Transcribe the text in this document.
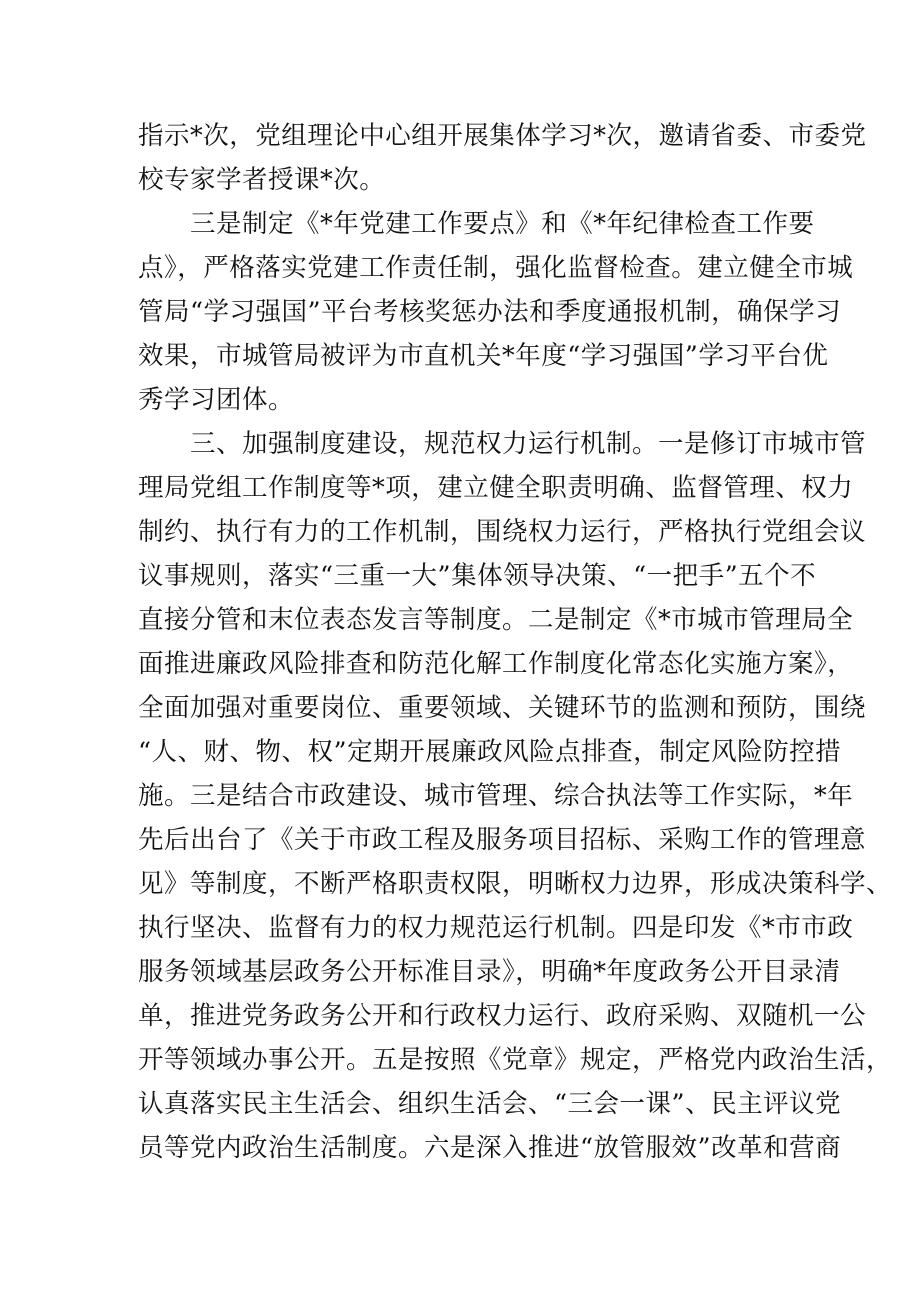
指示*次，党组理论中心组开展集体学习*次，邀请省委、市委党
校专家学者授课*次。
三是制定《*年党建工作要点》和《*年纪律检查工作要
点》，严格落实党建工作责任制，强化监督检查。建立健全市城
管局“学习强国”平台考核奖惩办法和季度通报机制，确保学习
效果，市城管局被评为市直机关*年度“学习强国”学习平台优
秀学习团体。
三、加强制度建设，规范权力运行机制。一是修订市城市管
理局党组工作制度等*项，建立健全职责明确、监督管理、权力
制约、执行有力的工作机制，围绕权力运行，严格执行党组会议
议事规则，落实“三重一大”集体领导决策、“一把手”五个不
直接分管和末位表态发言等制度。二是制定《*市城市管理局全
面推进廉政风险排查和防范化解工作制度化常态化实施方案》，
全面加强对重要岗位、重要领域、关键环节的监测和预防，围绕
“人、财、物、权”定期开展廉政风险点排查，制定风险防控措
施。三是结合市政建设、城市管理、综合执法等工作实际，*年
先后出台了《关于市政工程及服务项目招标、采购工作的管理意
见》等制度，不断严格职责权限，明晰权力边界，形成决策科学、
执行坚决、监督有力的权力规范运行机制。四是印发《*市市政
服务领域基层政务公开标准目录》，明确*年度政务公开目录清
单，推进党务政务公开和行政权力运行、政府采购、双随机一公
开等领域办事公开。五是按照《党章》规定，严格党内政治生活，
认真落实民主生活会、组织生活会、“三会一课”、民主评议党
员等党内政治生活制度。六是深入推进“放管服效”改革和营商
